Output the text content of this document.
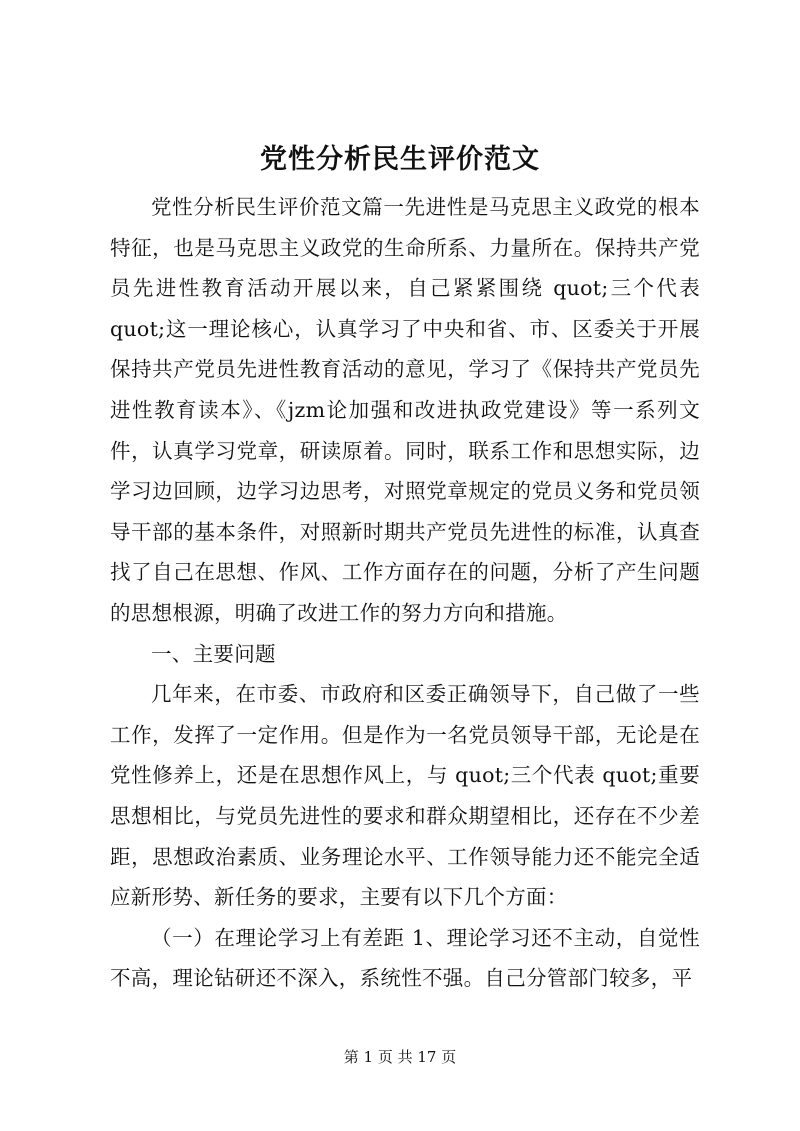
党性分析民生评价范文

党性分析民生评价范文篇一先进性是马克思主义政党的根本特征，也是马克思主义政党的生命所系、力量所在。保持共产党员先进性教育活动开展以来，自己紧紧围绕 quot;三个代表 quot;这一理论核心，认真学习了中央和省、市、区委关于开展保持共产党员先进性教育活动的意见，学习了《保持共产党员先进性教育读本》、《jzm论加强和改进执政党建设》等一系列文件，认真学习党章，研读原着。同时，联系工作和思想实际，边学习边回顾，边学习边思考，对照党章规定的党员义务和党员领导干部的基本条件，对照新时期共产党员先进性的标准，认真查找了自己在思想、作风、工作方面存在的问题，分析了产生问题的思想根源，明确了改进工作的努力方向和措施。

一、主要问题

几年来，在市委、市政府和区委正确领导下，自己做了一些工作，发挥了一定作用。但是作为一名党员领导干部，无论是在党性修养上，还是在思想作风上，与 quot;三个代表 quot;重要思想相比，与党员先进性的要求和群众期望相比，还存在不少差距，思想政治素质、业务理论水平、工作领导能力还不能完全适应新形势、新任务的要求，主要有以下几个方面：

（一）在理论学习上有差距 1、理论学习还不主动，自觉性不高，理论钻研还不深入，系统性不强。自己分管部门较多，平

第 1 页 共 17 页
